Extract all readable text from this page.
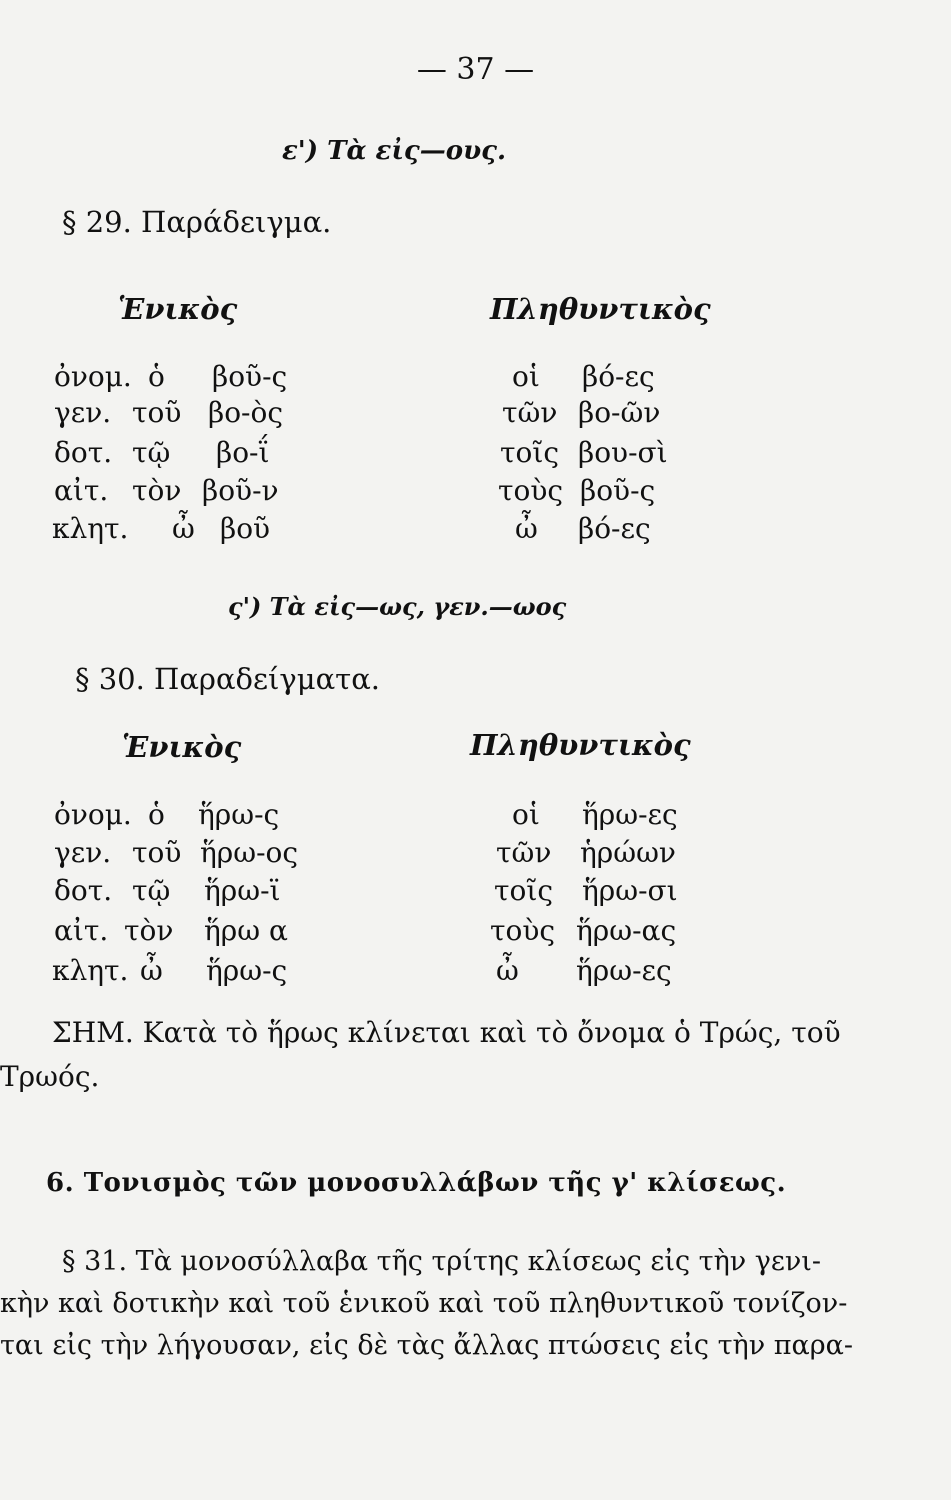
— 37 —
ε') Τὰ εἰς—ους.
§ 29. Παράδειγμα.
Ἑνικὸς	Πληθυντικὸς
ὀνομ. ὁ βοῦ-ς	οἱ βό-ες
γεν. τοῦ βο-ὸς	τῶν βο-ῶν
δοτ. τῷ βο-ΐ	τοῖς βου-σὶ
αἰτ. τὸν βοῦ-ν	τοὺς βοῦ-ς
κλητ. ὦ βοῦ	ὦ βό-ες
ς') Τὰ εἰς—ως, γεν.—ωος
§ 30. Παραδείγματα.
Ἑνικὸς	Πληθυντικὸς
ὀνομ. ὁ ἥρω-ς	οἱ ἥρω-ες
γεν. τοῦ ἥρω-ος	τῶν ἡρώων
δοτ. τῷ ἥρω-ϊ	τοῖς ἥρω-σι
αἰτ. τὸν ἥρω α	τοὺς ἥρω-ας
κλητ. ὦ ἥρω-ς	ὦ ἥρω-ες
ΣΗΜ. Κατὰ τὸ ἥρως κλίνεται καὶ τὸ ὄνομα ὁ Τρώς, τοῦ
Τρωός.
6. Τονισμὸς τῶν μονοσυλλάβων τῆς γ' κλίσεως.
§ 31. Τὰ μονοσύλλαβα τῆς τρίτης κλίσεως εἰς τὴν γενι-
κὴν καὶ δοτικὴν καὶ τοῦ ἑνικοῦ καὶ τοῦ πληθυντικοῦ τονίζον-
ται εἰς τὴν λήγουσαν, εἰς δὲ τὰς ἄλλας πτώσεις εἰς τὴν παρα-
